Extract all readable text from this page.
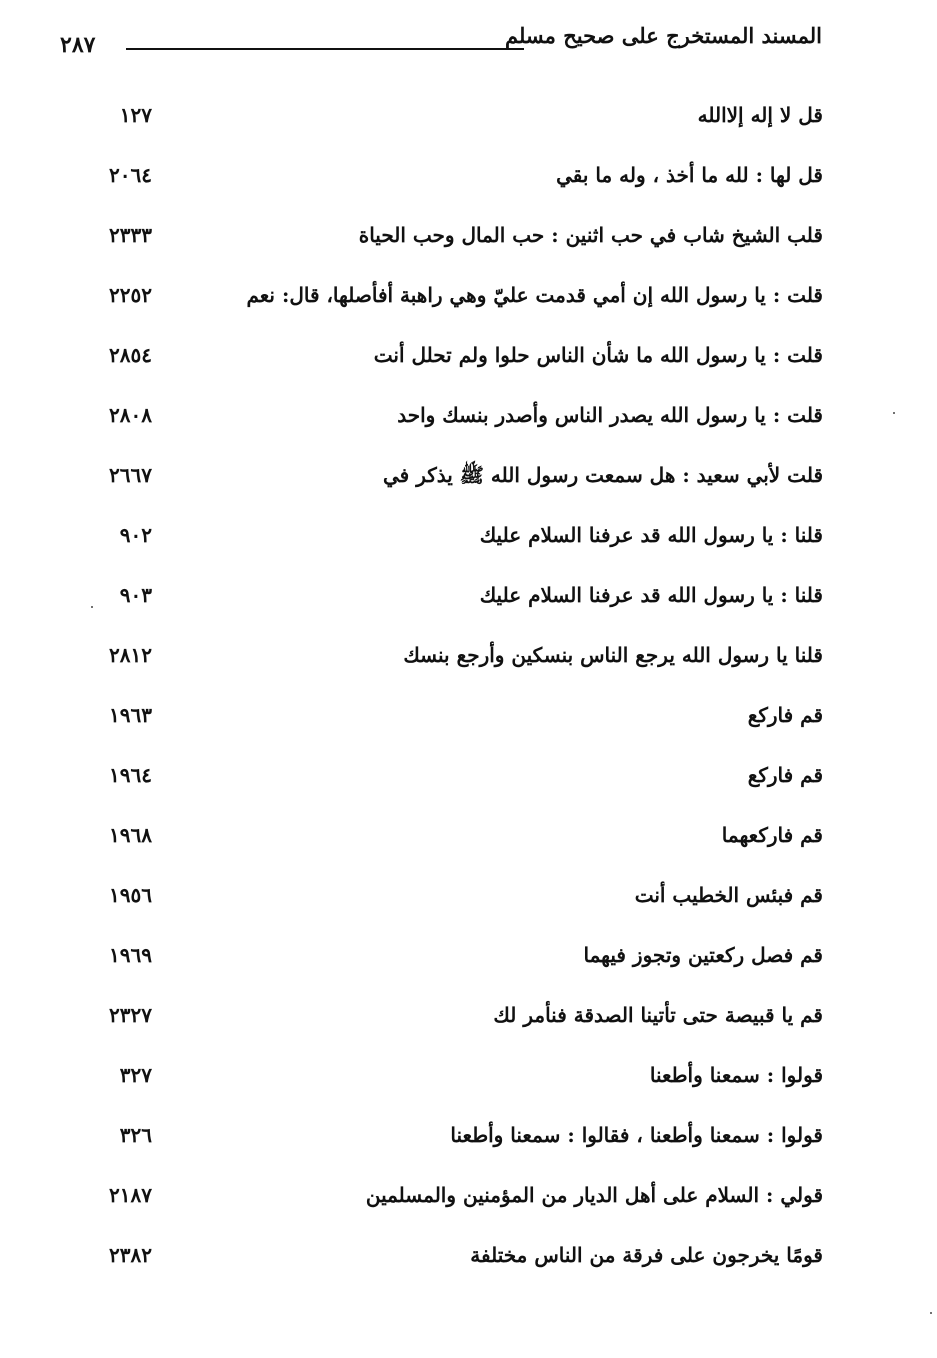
المسند المستخرج على صحيح مسلم
٢٨٧
قل لا إله إلاالله
١٢٧
قل لها : لله ما أخذ ، وله ما بقي
٢٠٦٤
قلب الشيخ شاب في حب اثنين : حب المال وحب الحياة
٢٣٣٣
قلت : يا رسول الله إن أمي قدمت عليّ وهي راهبة أفأصلها، قال: نعم
٢٢٥٢
قلت : يا رسول الله ما شأن الناس حلوا ولم تحلل أنت
٢٨٥٤
قلت : يا رسول الله يصدر الناس وأصدر بنسك واحد
٢٨٠٨
قلت لأبي سعيد : هل سمعت رسول الله ﷺ يذكر في
٢٦٦٧
قلنا : يا رسول الله قد عرفنا السلام عليك
٩٠٢
قلنا : يا رسول الله قد عرفنا السلام عليك
٩٠٣
قلنا يا رسول الله يرجع الناس بنسكين وأرجع بنسك
٢٨١٢
قم فاركع
١٩٦٣
قم فاركع
١٩٦٤
قم فاركعهما
١٩٦٨
قم فبئس الخطيب أنت
١٩٥٦
قم فصل ركعتين وتجوز فيهما
١٩٦٩
قم يا قبيصة حتى تأتينا الصدقة فنأمر لك
٢٣٢٧
قولوا : سمعنا وأطعنا
٣٢٧
قولوا : سمعنا وأطعنا ، فقالوا : سمعنا وأطعنا
٣٢٦
قولي : السلام على أهل الديار من المؤمنين والمسلمين
٢١٨٧
قومًا يخرجون على فرقة من الناس مختلفة
٢٣٨٢
